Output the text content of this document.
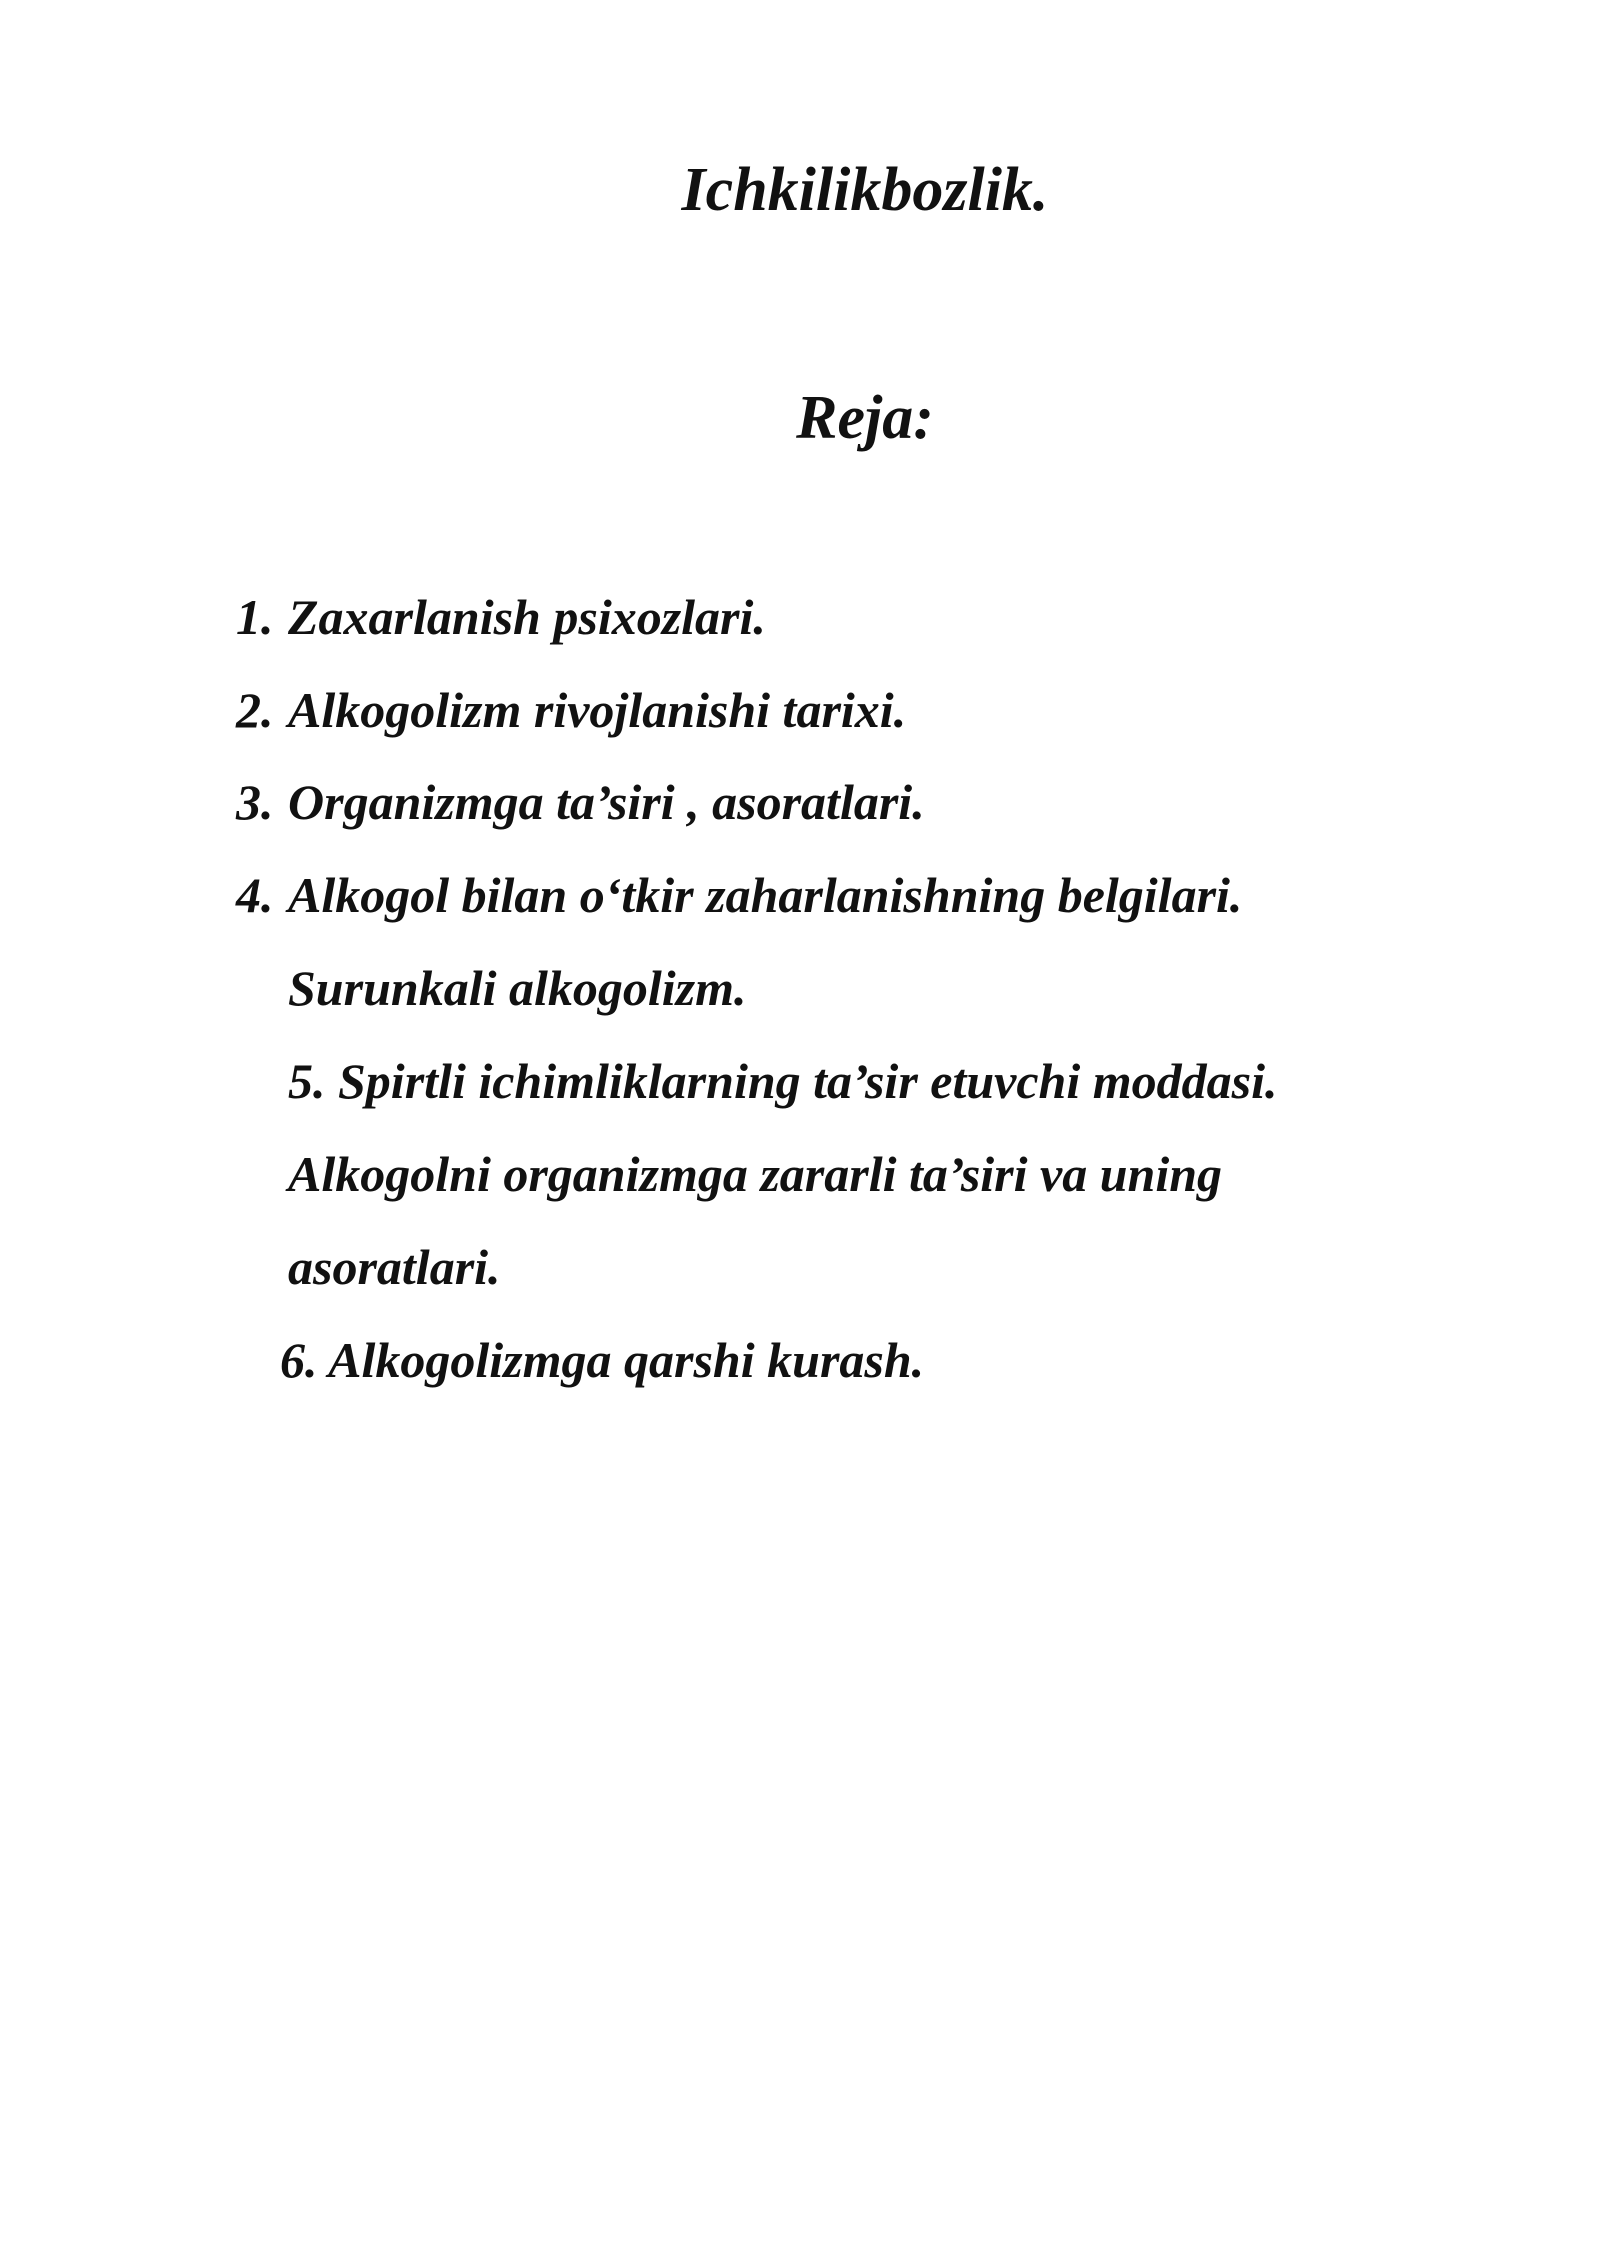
Ichkilikbozlik.
Reja:
1. Zaxarlanish psixozlari.
2. Alkogolizm rivojlanishi tarixi.
3. Organizmga ta’siri , asoratlari.
4. Alkogol bilan o‘tkir zaharlanishning belgilari.
Surunkali alkogolizm.
5. Spirtli ichimliklarning ta’sir etuvchi moddasi.
Alkogolni organizmga zararli ta’siri va uning
asoratlari.
6. Alkogolizmga qarshi kurash.
